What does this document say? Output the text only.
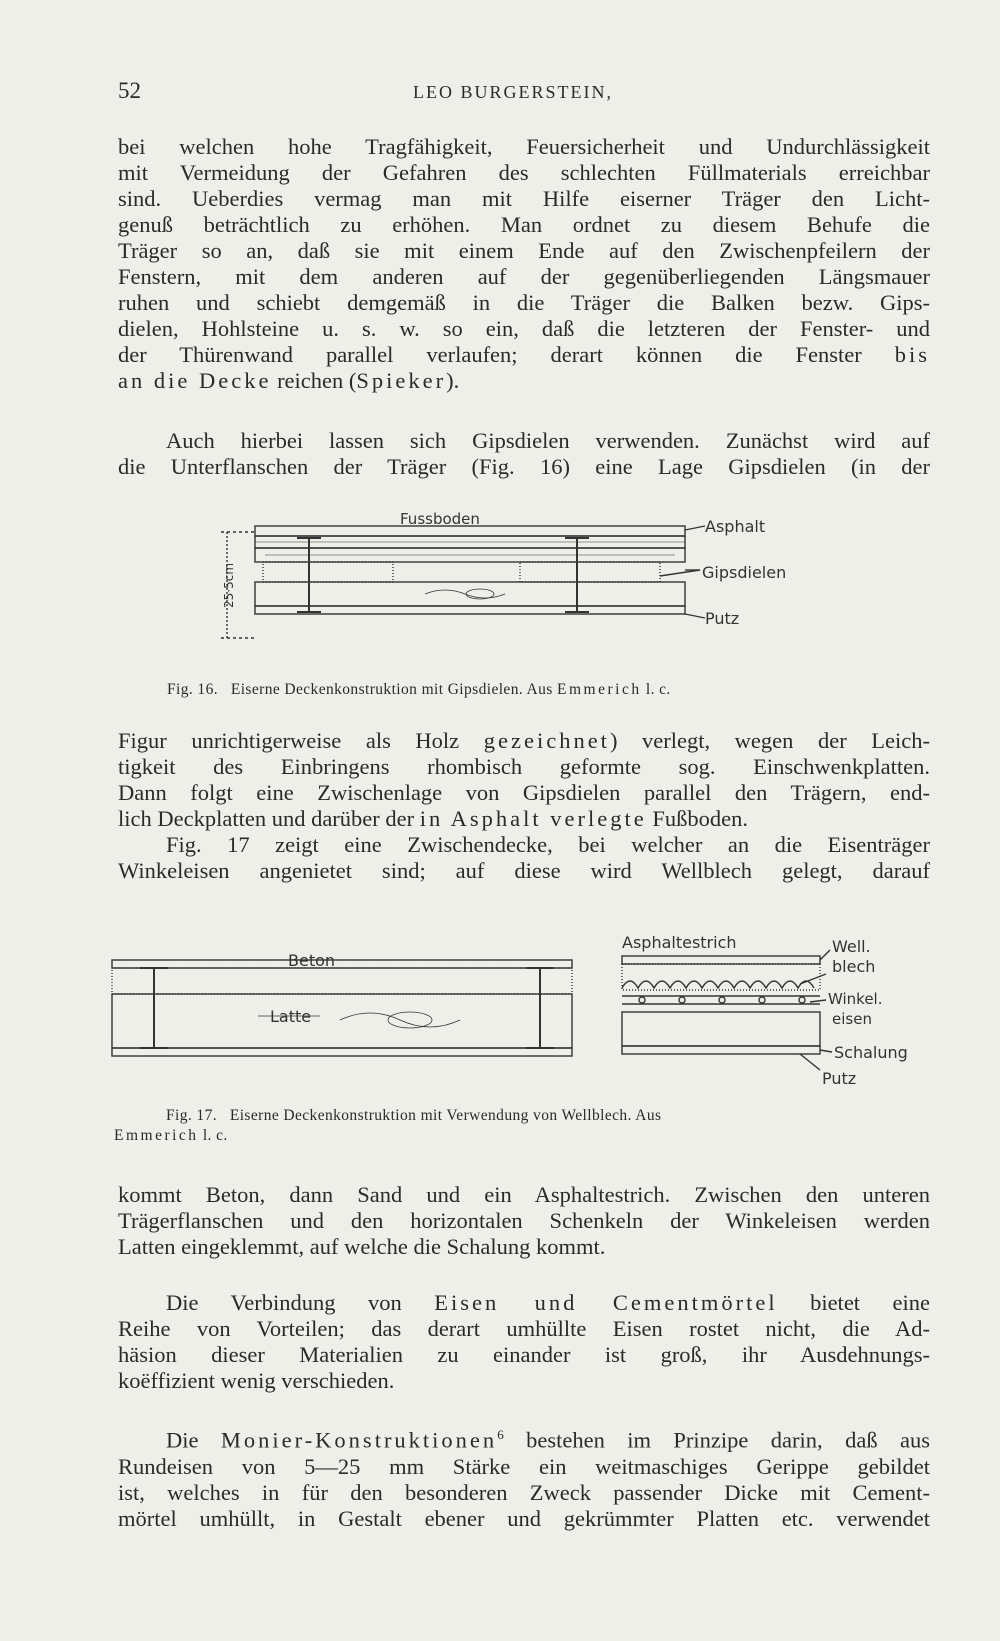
52	LEO BURGERSTEIN,
bei welchen hohe Tragfähigkeit, Feuersicherheit und Undurchlässigkeit
mit Vermeidung der Gefahren des schlechten Füllmaterials erreichbar
sind. Ueberdies vermag man mit Hilfe eiserner Träger den Licht-
genuß beträchtlich zu erhöhen. Man ordnet zu diesem Behufe die
Träger so an, daß sie mit einem Ende auf den Zwischenpfeilern der
Fenstern, mit dem anderen auf der gegenüberliegenden Längsmauer
ruhen und schiebt demgemäß in die Träger die Balken bezw. Gips-
dielen, Hohlsteine u. s. w. so ein, daß die letzteren der Fenster- und
der Thürenwand parallel verlaufen; derart können die Fenster bis
an die Decke reichen (Spieker).
Auch hierbei lassen sich Gipsdielen verwenden. Zunächst wird auf
die Unterflanschen der Träger (Fig. 16) eine Lage Gipsdielen (in der
25·5cm
Fussboden	Asphalt
Gipsdielen
Putz
Fig. 16. Eiserne Deckenkonstruktion mit Gipsdielen. Aus Emmerich l. c.
Figur unrichtigerweise als Holz gezeichnet) verlegt, wegen der Leich-
tigkeit des Einbringens rhombisch geformte sog. Einschwenkplatten.
Dann folgt eine Zwischenlage von Gipsdielen parallel den Trägern, end-
lich Deckplatten und darüber der in Asphalt verlegte Fußboden.
Fig. 17 zeigt eine Zwischendecke, bei welcher an die Eisenträger
Winkeleisen angenietet sind; auf diese wird Wellblech gelegt, darauf
Beton
Latte
Asphaltestrich	Well.
blech
Winkel.
eisen
Schalung
Putz
Fig. 17. Eiserne Deckenkonstruktion mit Verwendung von Wellblech. Aus
Emmerich l. c.
kommt Beton, dann Sand und ein Asphaltestrich. Zwischen den unteren
Trägerflanschen und den horizontalen Schenkeln der Winkeleisen werden
Latten eingeklemmt, auf welche die Schalung kommt.
Die Verbindung von Eisen und Cementmörtel bietet eine
Reihe von Vorteilen; das derart umhüllte Eisen rostet nicht, die Ad-
häsion dieser Materialien zu einander ist groß, ihr Ausdehnungs-
koëffizient wenig verschieden.
Die Monier-Konstruktionen$^6$ bestehen im Prinzipe darin, daß aus
Rundeisen von 5—25 mm Stärke ein weitmaschiges Gerippe gebildet
ist, welches in für den besonderen Zweck passender Dicke mit Cement-
mörtel umhüllt, in Gestalt ebener und gekrümmter Platten etc. verwendet
